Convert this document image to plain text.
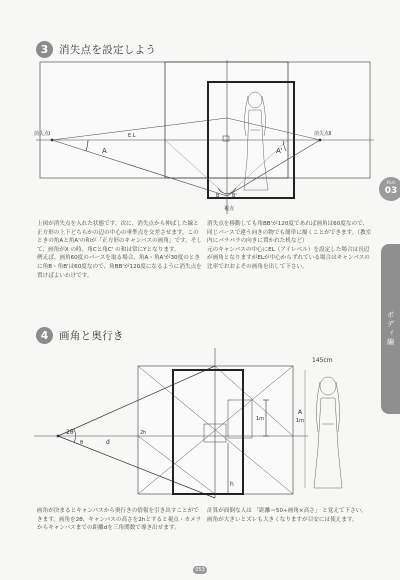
3	消失点を設定しよう
消失点Ⅰ	消失点Ⅱ
E.L
A	A'
B	B'
視点

上図が消失点を入れた状態です。次に、消失点から伸ばした線と正方形の上下どちらかの辺の中心の垂準点を交差させます。このときの角Aと角A'の和が「正方形のキャンバスの画角」です。そして、画角がX の時、角Cと角C' の和は常にYとなります。

例えば、画角60度のパースを取る場合、角A・角A'が30度のときに角B・角B'は60度なので、角BB'が120度になるように消失点を置けばよいわけです。

消失点を移動しても角BB'が120度であれば画角は60度なので、同じパースで違う向きの物でも簡単に描くことができます。（教室内にバラバラの向きに置かれた机など）

元のキャンバスの中心にEL（アイレベル）を設定した場合は長辺が画角となりますがELが中心からずれている場合はキャンバスの比率でおおよその画角を出して下さい。

4	画角と奥行き
2θ
θ	d
2h
h
1m
145cm
A
1m

画角が決まるとキャンバスから奥行きの情報を引き出すことができます。画角を2θ、キャンバスの高さを2hとすると視点・カメラからキャンバスまでの距離dを三角関数で導き出せます。

計算が面倒な人は 「距離＝50÷画角×高さ」 と覚えて下さい。

画角が大きいとズレも大きくなりますが目安には使えます。

Part
03
ボディ編
053
